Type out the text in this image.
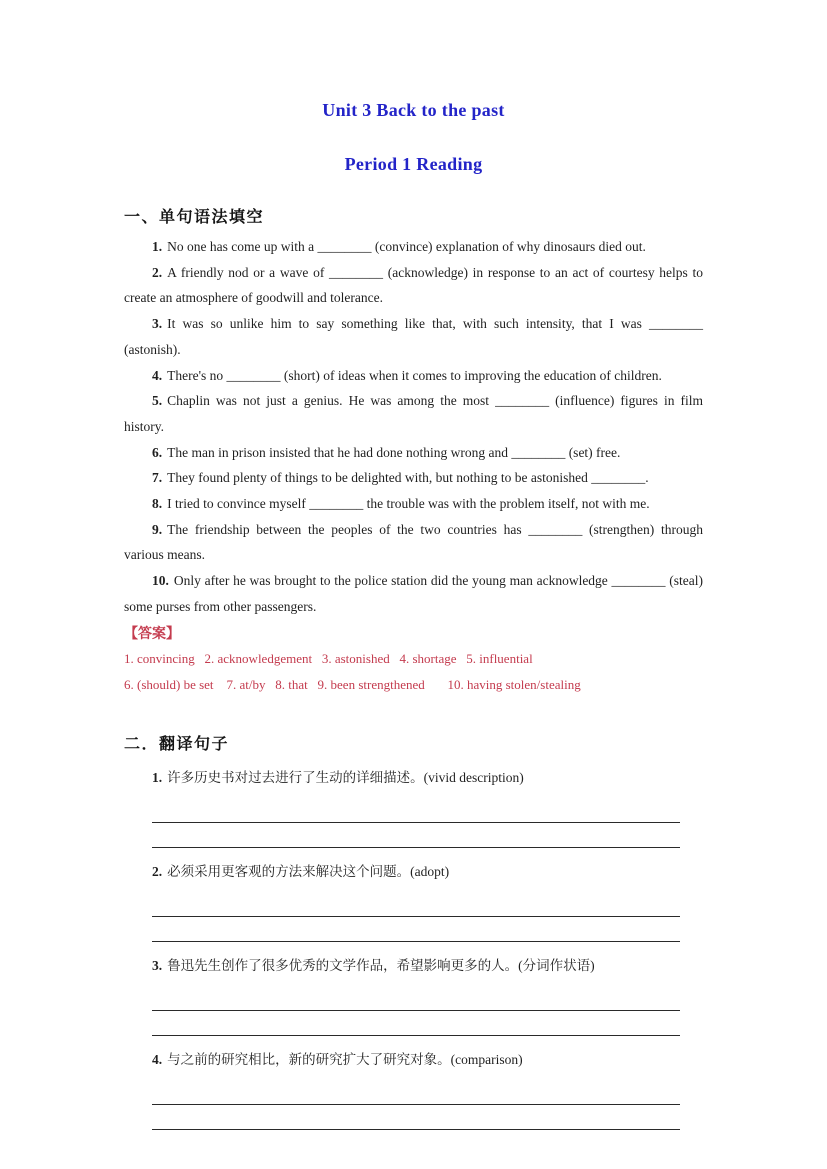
Unit 3 Back to the past
Period 1 Reading
一、单句语法填空

1. No one has come up with a ________ (convince) explanation of why dinosaurs died out.

2. A friendly nod or a wave of ________ (acknowledge) in response to an act of courtesy helps to create an atmosphere of goodwill and tolerance.

3. It was so unlike him to say something like that, with such intensity, that I was ________ (astonish).

4. There's no ________ (short) of ideas when it comes to improving the education of children.

5. Chaplin was not just a genius. He was among the most ________ (influence) figures in film history.

6. The man in prison insisted that he had done nothing wrong and ________ (set) free.

7. They found plenty of things to be delighted with, but nothing to be astonished ________.

8. I tried to convince myself ________ the trouble was with the problem itself, not with me.

9. The friendship between the peoples of the two countries has ________ (strengthen) through various means.

10. Only after he was brought to the police station did the young man acknowledge ________ (steal) some purses from other passengers.

【答案】

1. convincing   2. acknowledgement   3. astonished   4. shortage   5. influential

6. (should) be set    7. at/by   8. that   9. been strengthened       10. having stolen/stealing

二．翻译句子

1. 许多历史书对过去进行了生动的详细描述。(vivid description)

2. 必须采用更客观的方法来解决这个问题。(adopt)

3. 鲁迅先生创作了很多优秀的文学作品，希望影响更多的人。(分词作状语)

4. 与之前的研究相比，新的研究扩大了研究对象。(comparison)
